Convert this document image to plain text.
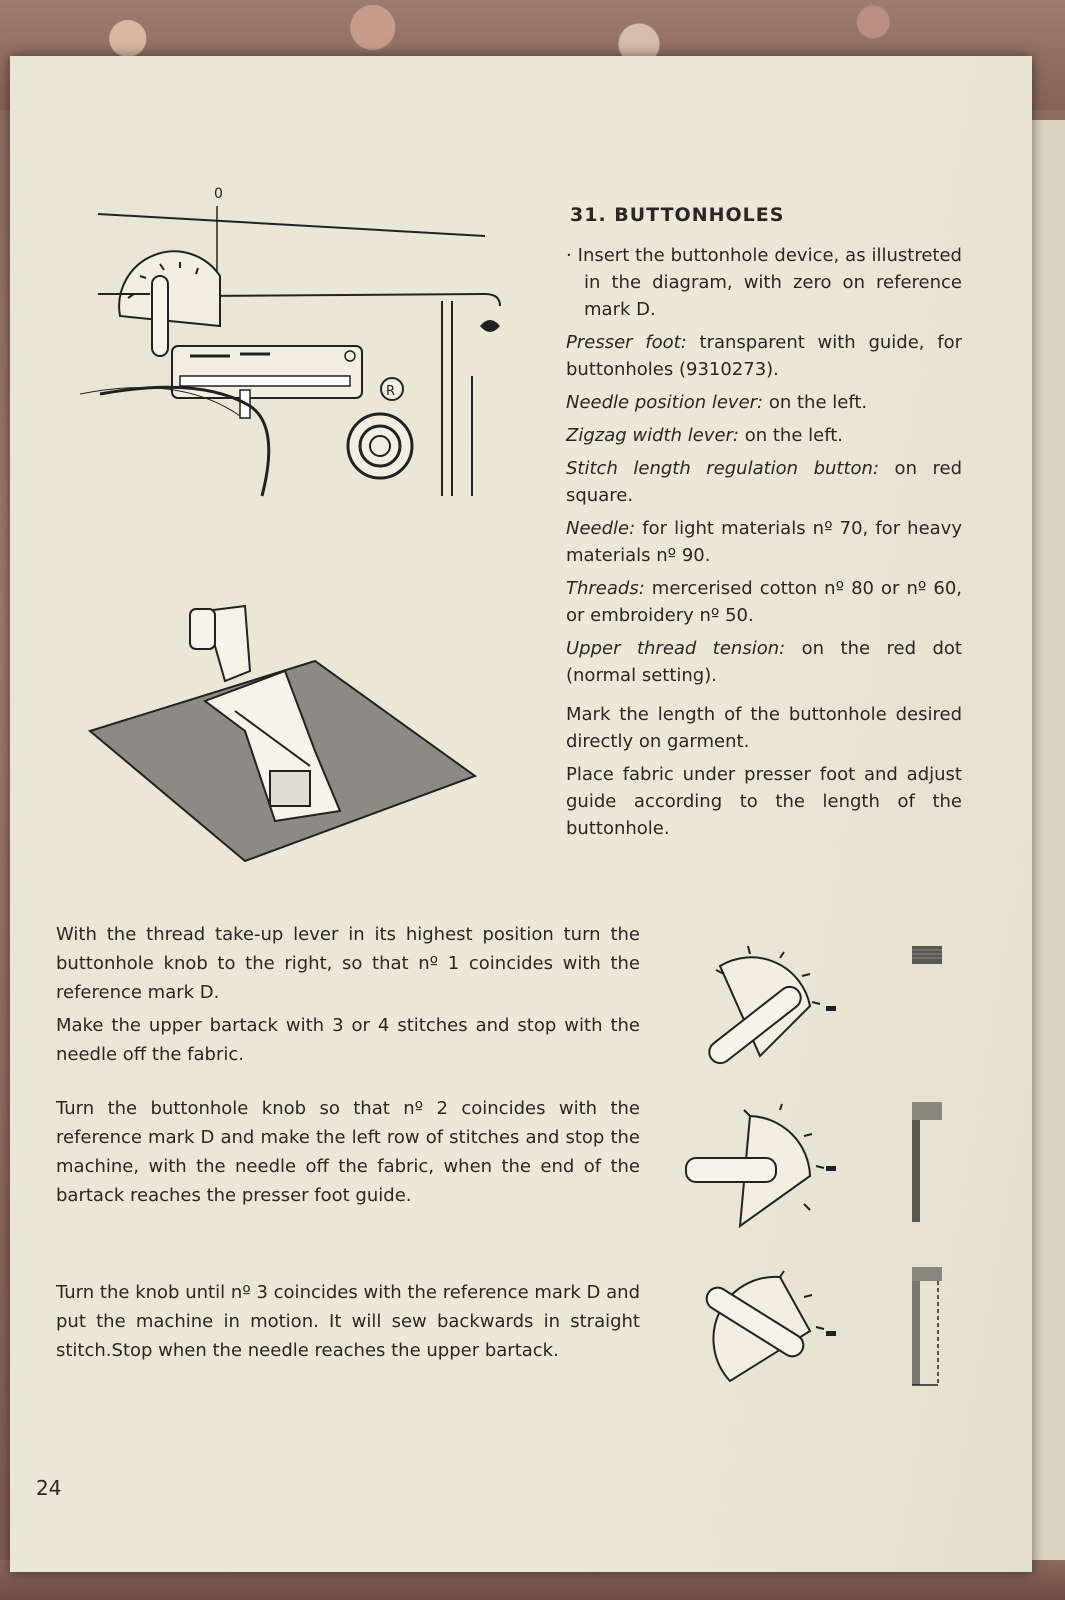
0
R
31. BUTTONHOLES

· Insert the buttonhole device, as illustreted in the diagram, with zero on reference mark D.

Presser foot: transparent with guide, for buttonholes (9310273).

Needle position lever: on the left.

Zigzag width lever: on the left.

Stitch length regulation button: on red square.

Needle: for light materials nº 70, for heavy materials nº 90.

Threads: mercerised cotton nº 80 or nº 60, or embroidery nº 50.

Upper thread tension: on the red dot (normal setting).

Mark the length of the buttonhole desired directly on garment.

Place fabric under presser foot and adjust guide according to the length of the buttonhole.

With the thread take-up lever in its highest position turn the buttonhole knob to the right, so that nº 1 coincides with the reference mark D.

Make the upper bartack with 3 or 4 stitches and stop with the needle off the fabric.

Turn the buttonhole knob so that nº 2 coincides with the reference mark D and make the left row of stitches and stop the machine, with the needle off the fabric, when the end of the bartack reaches the presser foot guide.

Turn the knob until nº 3 coincides with the reference mark D and put the machine in motion. It will sew backwards in straight stitch.Stop when the needle reaches the upper bartack.

24
